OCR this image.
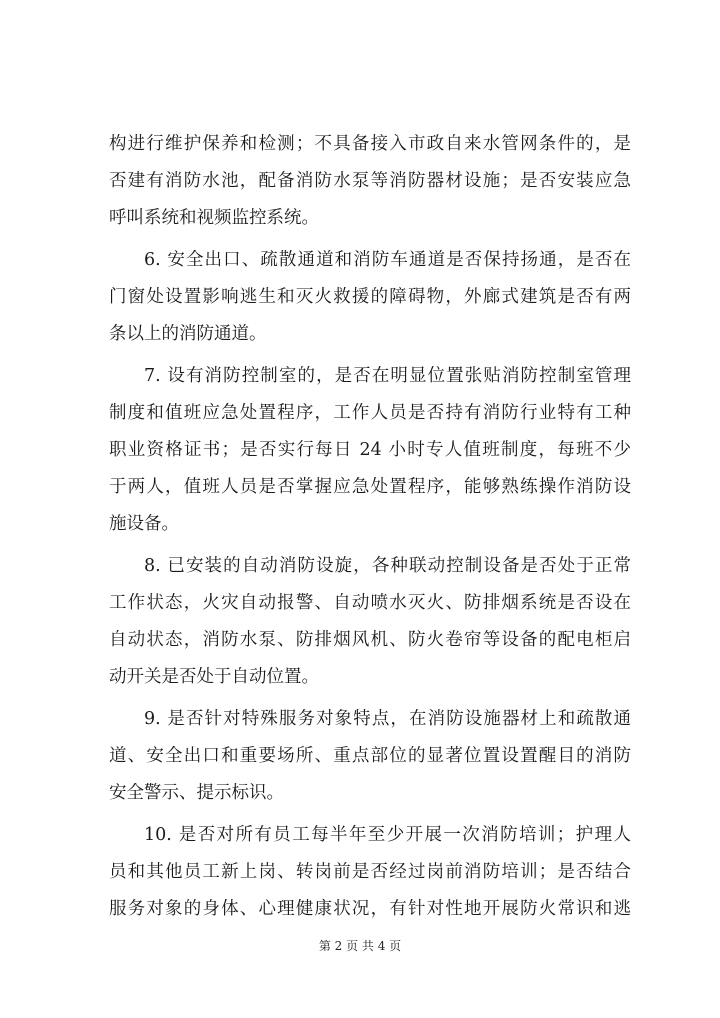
构进行维护保养和检测；不具备接入市政自来水管网条件的，是
否建有消防水池，配备消防水泵等消防器材设施；是否安装应急
呼叫系统和视频监控系统。
6. 安全出口、疏散通道和消防车通道是否保持扬通，是否在
门窗处设置影响逃生和灭火救援的障碍物，外廊式建筑是否有两
条以上的消防通道。
7. 设有消防控制室的，是否在明显位置张贴消防控制室管理
制度和值班应急处置程序，工作人员是否持有消防行业特有工种
职业资格证书；是否实行每日 24 小时专人值班制度，每班不少
于两人，值班人员是否掌握应急处置程序，能够熟练操作消防设
施设备。
8. 已安装的自动消防设旋，各种联动控制设备是否处于正常
工作状态，火灾自动报警、自动喷水灭火、防排烟系统是否设在
自动状态，消防水泵、防排烟风机、防火卷帘等设备的配电柜启
动开关是否处于自动位置。
9. 是否针对特殊服务对象特点，在消防设施器材上和疏散通
道、安全出口和重要场所、重点部位的显著位置设置醒目的消防
安全警示、提示标识。
10. 是否对所有员工每半年至少开展一次消防培训；护理人
员和其他员工新上岗、转岗前是否经过岗前消防培训；是否结合
服务对象的身体、心理健康状况，有针对性地开展防火常识和逃
第 2 页 共 4 页
